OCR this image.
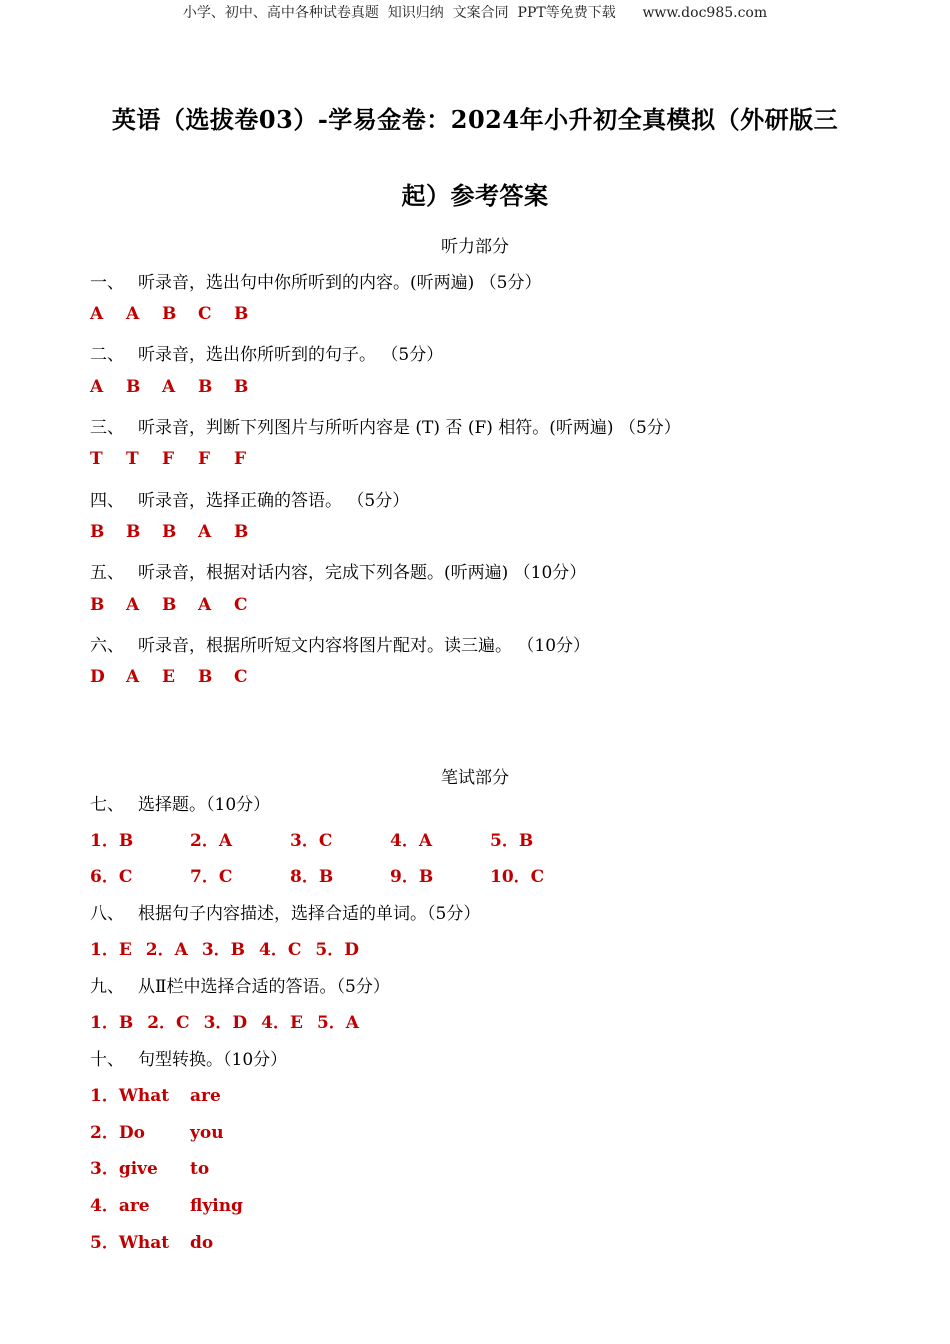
小学、初中、高中各种试卷真题  知识归纳  文案合同  PPT等免费下载      www.doc985.com
英语（选拔卷03）-学易金卷：2024年小升初全真模拟（外研版三
起）参考答案
听力部分
一、 听录音，选出句中你所听到的内容。(听两遍) （5分）
A A B C B
二、 听录音，选出你所听到的句子。 （5分）
A B A B B
三、 听录音，判断下列图片与所听内容是 (T) 否 (F) 相符。(听两遍) （5分）
T T F F F
四、 听录音，选择正确的答语。 （5分）
B B B A B
五、 听录音，根据对话内容，完成下列各题。(听两遍) （10分）
B A B A C
六、 听录音，根据所听短文内容将图片配对。读三遍。 （10分）
D A E B C
笔试部分
七、 选择题。（10分）
1．B	2．A	3．C	4．A	5．B
6．C	7．C	8．B	9．B	10．C
八、 根据句子内容描述，选择合适的单词。（5分）
1．E 2．A 3．B 4．C 5．D
九、 从Ⅱ栏中选择合适的答语。（5分）
1．B 2．C 3．D 4．E 5．A
十、 句型转换。（10分）
1．What are
2．Do	you
3．give to
4．are flying
5．What do
